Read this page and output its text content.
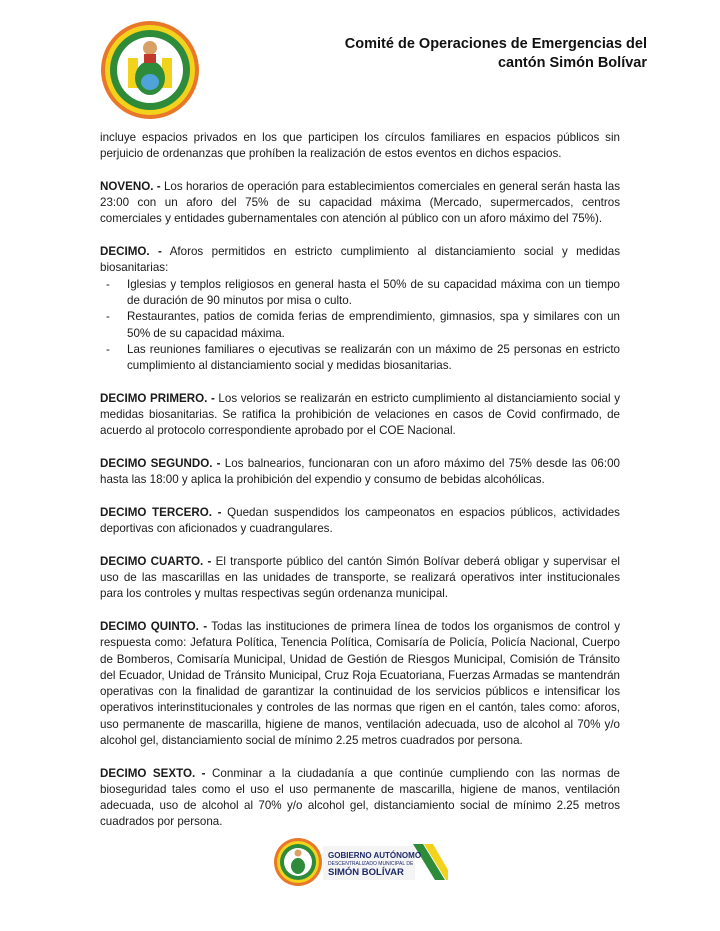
Comité de Operaciones de Emergencias del
cantón Simón Bolívar

incluye espacios privados en los que participen los círculos familiares en espacios públicos sin perjuicio de ordenanzas que prohíben la realización de estos eventos en dichos espacios.

NOVENO. - Los horarios de operación para establecimientos comerciales en general serán hasta las 23:00 con un aforo del 75% de su capacidad máxima (Mercado, supermercados, centros comerciales y entidades gubernamentales con atención al público con un aforo máximo del 75%).

DECIMO. - Aforos permitidos en estricto cumplimiento al distanciamiento social y medidas biosanitarias:

- Iglesias y templos religiosos en general hasta el 50% de su capacidad máxima con un tiempo de duración de 90 minutos por misa o culto.
- Restaurantes, patios de comida ferias de emprendimiento, gimnasios, spa y similares con un 50% de su capacidad máxima.
- Las reuniones familiares o ejecutivas se realizarán con un máximo de 25 personas en estricto cumplimiento al distanciamiento social y medidas biosanitarias.

DECIMO PRIMERO. - Los velorios se realizarán en estricto cumplimiento al distanciamiento social y medidas biosanitarias. Se ratifica la prohibición de velaciones en casos de Covid confirmado, de acuerdo al protocolo correspondiente aprobado por el COE Nacional.

DECIMO SEGUNDO. - Los balnearios, funcionaran con un aforo máximo del 75% desde las 06:00 hasta las 18:00 y aplica la prohibición del expendio y consumo de bebidas alcohólicas.

DECIMO TERCERO. - Quedan suspendidos los campeonatos en espacios públicos, actividades deportivas con aficionados y cuadrangulares.

DECIMO CUARTO. - El transporte público del cantón Simón Bolívar deberá obligar y supervisar el uso de las mascarillas en las unidades de transporte, se realizará operativos inter institucionales para los controles y multas respectivas según ordenanza municipal.

DECIMO QUINTO. - Todas las instituciones de primera línea de todos los organismos de control y respuesta como: Jefatura Política, Tenencia Política, Comisaría de Policía, Policía Nacional, Cuerpo de Bomberos, Comisaría Municipal, Unidad de Gestión de Riesgos Municipal, Comisión de Tránsito del Ecuador, Unidad de Tránsito Municipal, Cruz Roja Ecuatoriana, Fuerzas Armadas se mantendrán operativas con la finalidad de garantizar la continuidad de los servicios públicos e intensificar los operativos interinstitucionales y controles de las normas que rigen en el cantón, tales como: aforos, uso permanente de mascarilla, higiene de manos, ventilación adecuada, uso de alcohol al 70% y/o alcohol gel, distanciamiento social de mínimo 2.25 metros cuadrados por persona.

DECIMO SEXTO. - Conminar a la ciudadanía a que continúe cumpliendo con las normas de bioseguridad tales como el uso el uso permanente de mascarilla, higiene de manos, ventilación adecuada, uso de alcohol al 70% y/o alcohol gel, distanciamiento social de mínimo 2.25 metros cuadrados por persona.

GOBIERNO AUTÓNOMO
DESCENTRALIZADO MUNICIPAL DE
SIMÓN BOLÍVAR
